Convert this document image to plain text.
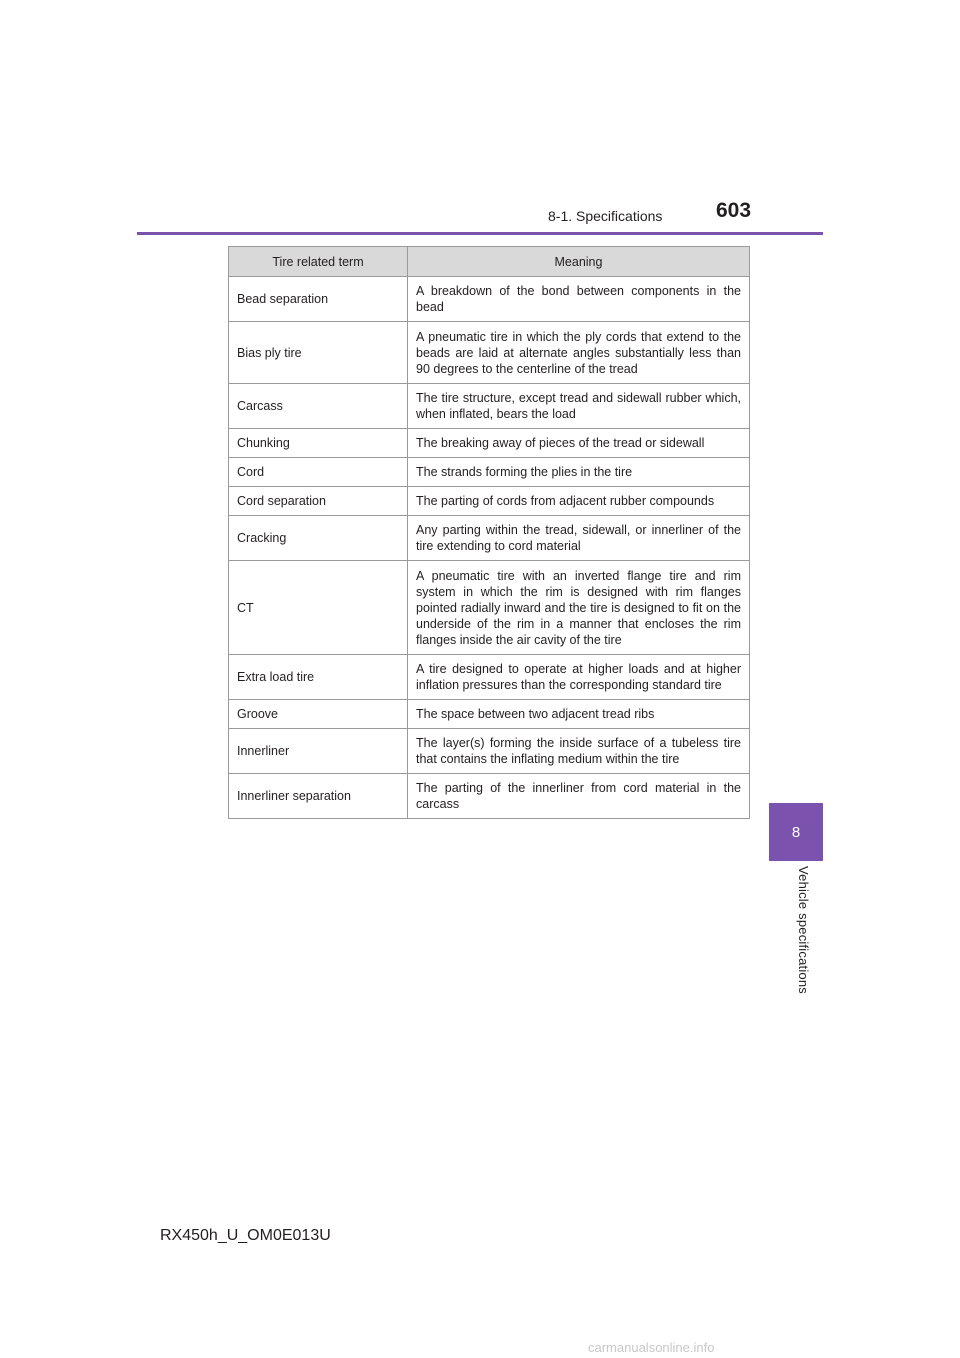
8-1. Specifications	603
8
Vehicle specifications
Tire related term	Meaning
Bead separation	A breakdown of the bond between components in the bead
Bias ply tire	A pneumatic tire in which the ply cords that extend to the beads are laid at alternate angles substantially less than 90 degrees to the centerline of the tread
Carcass	The tire structure, except tread and sidewall rubber which, when inflated, bears the load
Chunking	The breaking away of pieces of the tread or sidewall
Cord	The strands forming the plies in the tire
Cord separation	The parting of cords from adjacent rubber compounds
Cracking	Any parting within the tread, sidewall, or innerliner of the tire extending to cord material
CT	A pneumatic tire with an inverted flange tire and rim system in which the rim is designed with rim flanges pointed radially inward and the tire is designed to fit on the underside of the rim in a manner that encloses the rim flanges inside the air cavity of the tire
Extra load tire	A tire designed to operate at higher loads and at higher inflation pressures than the corresponding standard tire
Groove	The space between two adjacent tread ribs
Innerliner	The layer(s) forming the inside surface of a tubeless tire that contains the inflating medium within the tire
Innerliner separation	The parting of the innerliner from cord material in the carcass
RX450h_U_OM0E013U
carmanualsonline.info
